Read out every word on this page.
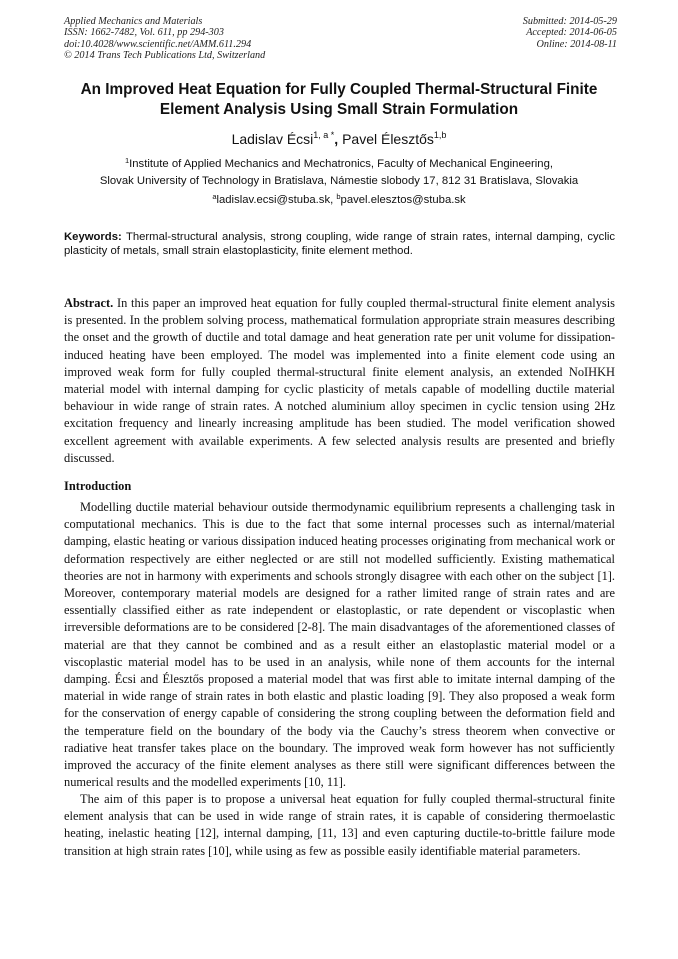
Applied Mechanics and Materials
ISSN: 1662-7482, Vol. 611, pp 294-303
doi:10.4028/www.scientific.net/AMM.611.294
© 2014 Trans Tech Publications Ltd, Switzerland
Submitted: 2014-05-29
Accepted: 2014-06-05
Online: 2014-08-11
An Improved Heat Equation for Fully Coupled Thermal-Structural Finite
Element Analysis Using Small Strain Formulation
Ladislav Écsi$^{1, a *}$, Pavel Élesztős$^{1,b}$
$^1$Institute of Applied Mechanics and Mechatronics, Faculty of Mechanical Engineering,
Slovak University of Technology in Bratislava, Námestie slobody 17, 812 31 Bratislava, Slovakia
$^a$ladislav.ecsi@stuba.sk, $^b$pavel.elesztos@stuba.sk
Keywords: Thermal-structural analysis, strong coupling, wide range of strain rates, internal damping, cyclic plasticity of metals, small strain elastoplasticity, finite element method.
Abstract. In this paper an improved heat equation for fully coupled thermal-structural finite element analysis is presented. In the problem solving process, mathematical formulation appropriate strain measures describing the onset and the growth of ductile and total damage and heat generation rate per unit volume for dissipation-induced heating have been employed. The model was implemented into a finite element code using an improved weak form for fully coupled thermal-structural finite element analysis, an extended NoIHKH material model with internal damping for cyclic plasticity of metals capable of modelling ductile material behaviour in wide range of strain rates. A notched aluminium alloy specimen in cyclic tension using 2Hz excitation frequency and linearly increasing amplitude has been studied. The model verification showed excellent agreement with available experiments. A few selected analysis results are presented and briefly discussed.
Introduction
Modelling ductile material behaviour outside thermodynamic equilibrium represents a challenging task in computational mechanics. This is due to the fact that some internal processes such as internal/material damping, elastic heating or various dissipation induced heating processes originating from mechanical work or deformation respectively are either neglected or are still not modelled sufficiently. Existing mathematical theories are not in harmony with experiments and schools strongly disagree with each other on the subject [1]. Moreover, contemporary material models are designed for a rather limited range of strain rates and are essentially classified either as rate independent or elastoplastic, or rate dependent or viscoplastic when irreversible deformations are to be considered [2-8]. The main disadvantages of the aforementioned classes of material are that they cannot be combined and as a result either an elastoplastic material model or a viscoplastic material model has to be used in an analysis, while none of them accounts for the internal damping. Écsi and Élesztős proposed a material model that was first able to imitate internal damping of the material in wide range of strain rates in both elastic and plastic loading [9]. They also proposed a weak form for the conservation of energy capable of considering the strong coupling between the deformation field and the temperature field on the boundary of the body via the Cauchy’s stress theorem when convective or radiative heat transfer takes place on the boundary. The improved weak form however has not sufficiently improved the accuracy of the finite element analyses as there still were significant differences between the numerical results and the modelled experiments [10, 11].
The aim of this paper is to propose a universal heat equation for fully coupled thermal-structural finite element analysis that can be used in wide range of strain rates, it is capable of considering thermoelastic heating, inelastic heating [12], internal damping, [11, 13] and even capturing ductile-to-brittle failure mode transition at high strain rates [10], while using as few as possible easily identifiable material parameters.
